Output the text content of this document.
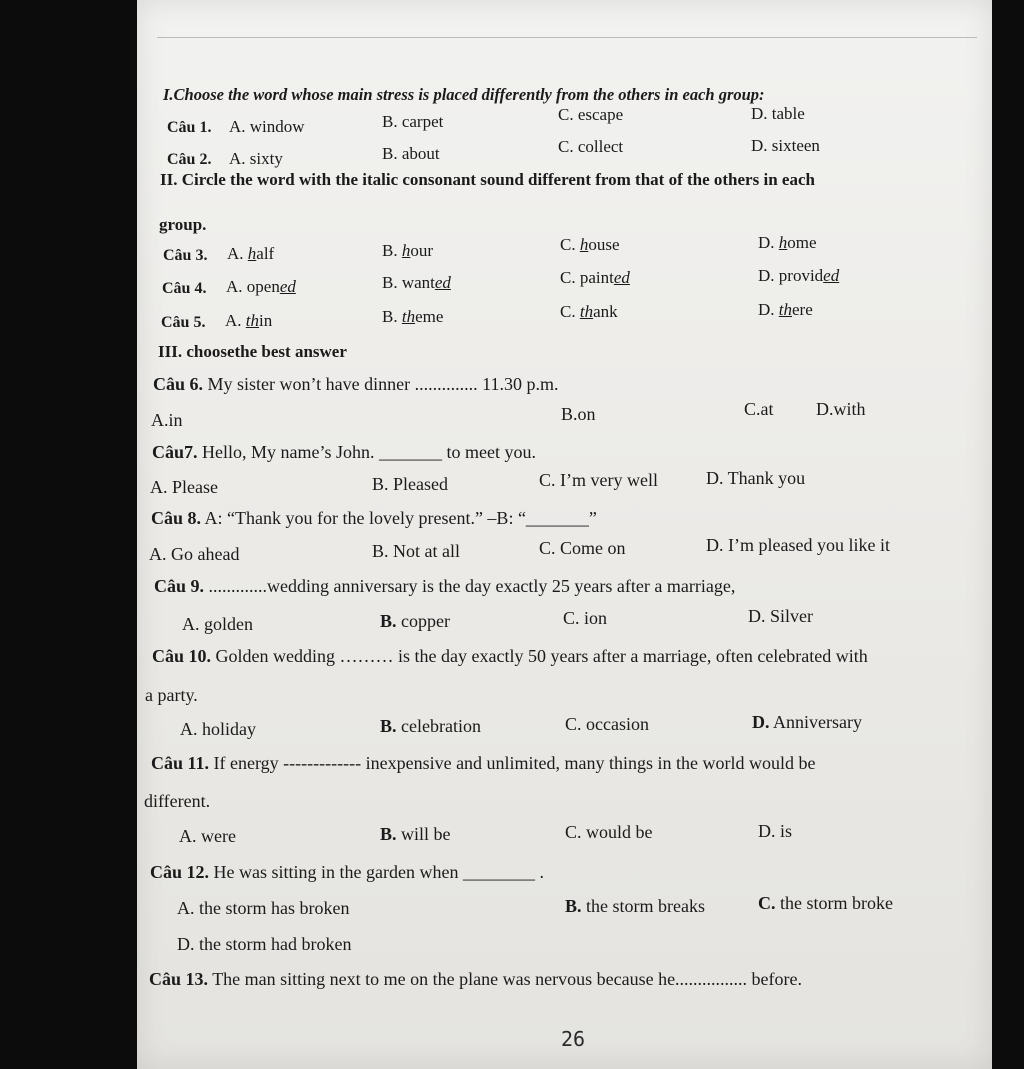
I.Choose the word whose main stress is placed differently from the others in each group:
Câu 1. A. window	B. carpet	C. escape	D. table
Câu 2. A. sixty	B. about	C. collect	D. sixteen
II. Circle the word with the italic consonant sound different from that of the others in each
group.
Câu 3. A. half	B. hour	C. house	D. home
Câu 4. A. opened	B. wanted	C. painted	D. provided
Câu 5. A. thin	B. theme	C. thank	D. there
III. choosethe best answer
Câu 6. My sister won’t have dinner .............. 11.30 p.m.
A.in	B.on	C.at D.with
Câu7. Hello, My name’s John. _______ to meet you.
A. Please	B. Pleased	C. I’m very well	D. Thank you
Câu 8. A: “Thank you for the lovely present.” –B: “_______”
A. Go ahead	B. Not at all	C. Come on	D. I’m pleased you like it
Câu 9. .............wedding anniversary is the day exactly 25 years after a marriage,
A. golden	B. copper	C. ion	D. Silver
Câu 10. Golden wedding ……… is the day exactly 50 years after a marriage, often celebrated with
a party.
A. holiday	B. celebration	C. occasion	D. Anniversary
Câu 11. If energy ------------- inexpensive and unlimited, many things in the world would be
different.
A. were	B. will be	C. would be	D. is
Câu 12. He was sitting in the garden when ________ .
A. the storm has broken	B. the storm breaks	C. the storm broke
D. the storm had broken
Câu 13. The man sitting next to me on the plane was nervous because he................ before.
26
